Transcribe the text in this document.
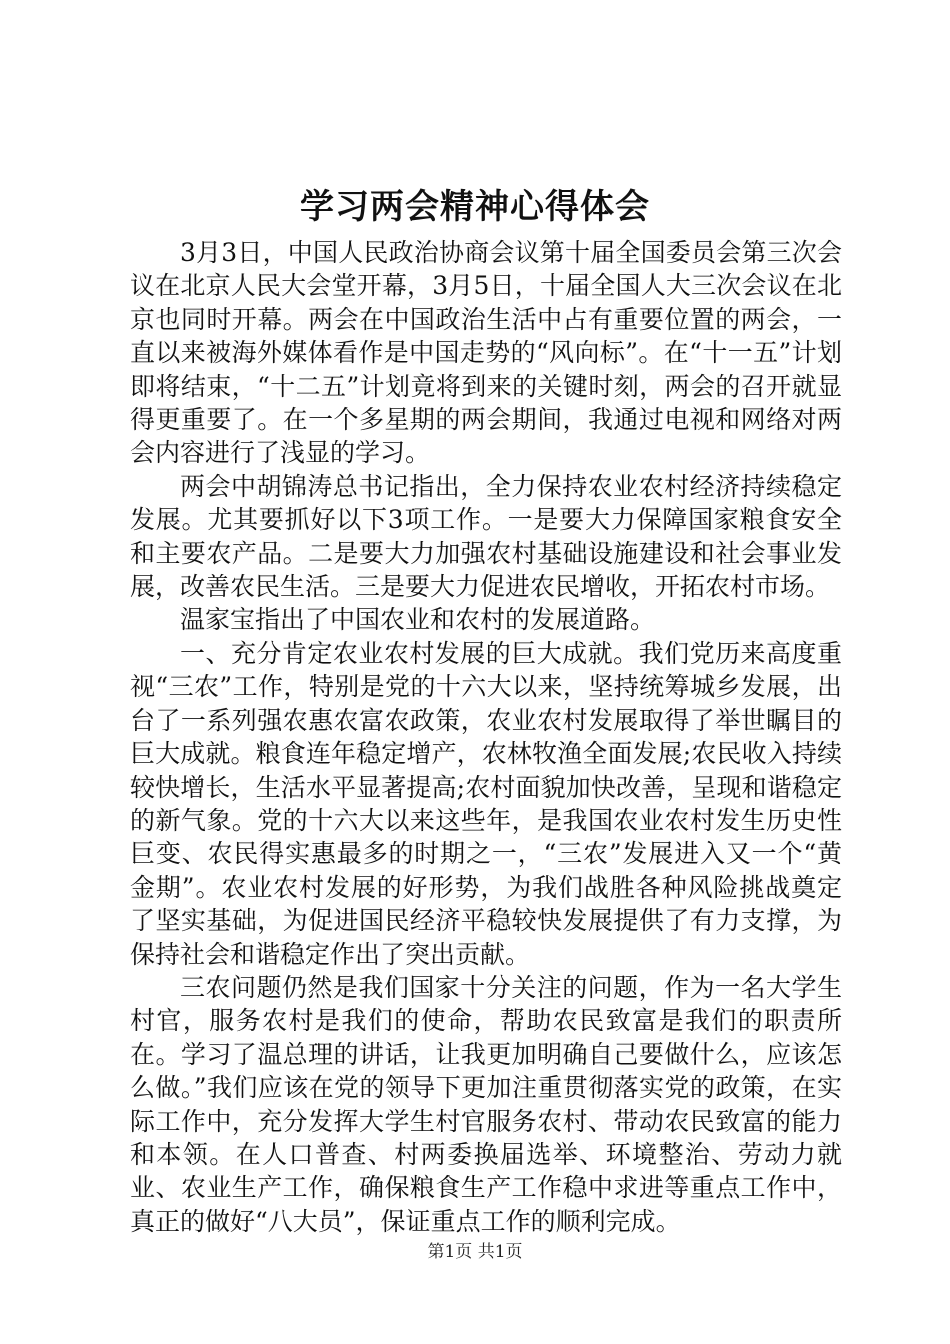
学习两会精神心得体会

3月3日，中国人民政治协商会议第十届全国委员会第三次会议在北京人民大会堂开幕，3月5日，十届全国人大三次会议在北京也同时开幕。两会在中国政治生活中占有重要位置的两会，一直以来被海外媒体看作是中国走势的“风向标”。在“十一五”计划即将结束，“十二五”计划竟将到来的关键时刻，两会的召开就显得更重要了。在一个多星期的两会期间，我通过电视和网络对两会内容进行了浅显的学习。

两会中胡锦涛总书记指出，全力保持农业农村经济持续稳定发展。尤其要抓好以下3项工作。一是要大力保障国家粮食安全和主要农产品。二是要大力加强农村基础设施建设和社会事业发展，改善农民生活。三是要大力促进农民增收，开拓农村市场。

温家宝指出了中国农业和农村的发展道路。

一、充分肯定农业农村发展的巨大成就。我们党历来高度重视“三农”工作，特别是党的十六大以来，坚持统筹城乡发展，出台了一系列强农惠农富农政策，农业农村发展取得了举世瞩目的巨大成就。粮食连年稳定增产，农林牧渔全面发展;农民收入持续较快增长，生活水平显著提高;农村面貌加快改善，呈现和谐稳定的新气象。党的十六大以来这些年，是我国农业农村发生历史性巨变、农民得实惠最多的时期之一，“三农”发展进入又一个“黄金期”。农业农村发展的好形势，为我们战胜各种风险挑战奠定了坚实基础，为促进国民经济平稳较快发展提供了有力支撑，为保持社会和谐稳定作出了突出贡献。

三农问题仍然是我们国家十分关注的问题，作为一名大学生村官，服务农村是我们的使命，帮助农民致富是我们的职责所在。学习了温总理的讲话，让我更加明确自己要做什么，应该怎么做。”我们应该在党的领导下更加注重贯彻落实党的政策，在实际工作中，充分发挥大学生村官服务农村、带动农民致富的能力和本领。在人口普查、村两委换届选举、环境整治、劳动力就业、农业生产工作，确保粮食生产工作稳中求进等重点工作中，真正的做好“八大员”，保证重点工作的顺利完成。

第1页 共1页
